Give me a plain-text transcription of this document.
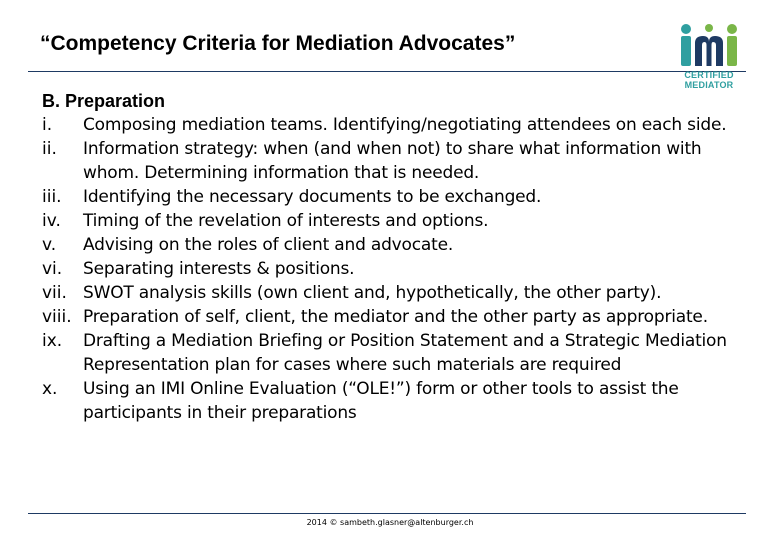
“Competency Criteria for Mediation Advocates”
CERTIFIED
MEDIATOR
B. Preparation
i.	Composing mediation teams. Identifying/negotiating attendees on each side.
ii.	Information strategy: when (and when not) to share what information with whom. Determining information that is needed.
iii.	Identifying the necessary documents to be exchanged.
iv.	Timing of the revelation of interests and options.
v.	Advising on the roles of client and advocate.
vi.	Separating interests & positions.
vii. SWOT analysis skills (own client and, hypothetically, the other party).
viii. Preparation of self, client, the mediator and the other party as appropriate.
ix.	Drafting a Mediation Briefing or Position Statement and a Strategic Mediation Representation plan for cases where such materials are required
x.	Using an IMI Online Evaluation (“OLE!”) form or other tools to assist the participants in their preparations
2014 © sambeth.glasner@altenburger.ch
